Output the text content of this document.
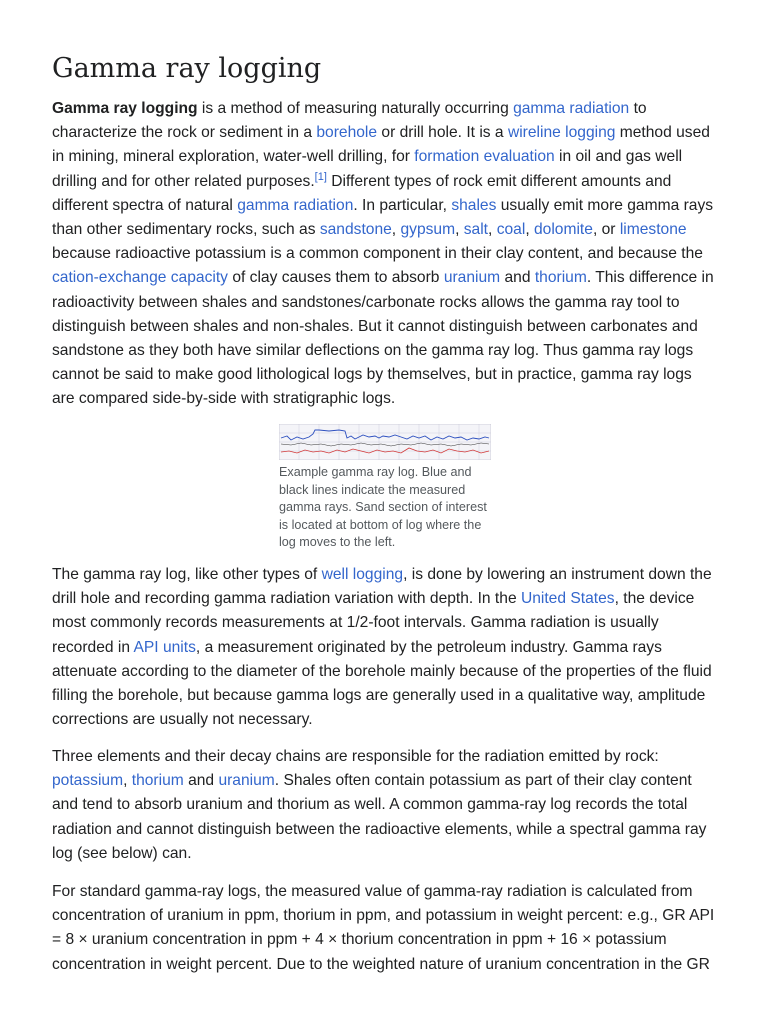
Gamma ray logging

Gamma ray logging is a method of measuring naturally occurring gamma radiation to characterize the rock or sediment in a borehole or drill hole. It is a wireline logging method used in mining, mineral exploration, water-well drilling, for formation evaluation in oil and gas well drilling and for other related purposes.[1] Different types of rock emit different amounts and different spectra of natural gamma radiation. In particular, shales usually emit more gamma rays than other sedimentary rocks, such as sandstone, gypsum, salt, coal, dolomite, or limestone because radioactive potassium is a common component in their clay content, and because the cation-exchange capacity of clay causes them to absorb uranium and thorium. This difference in radioactivity between shales and sandstones/carbonate rocks allows the gamma ray tool to distinguish between shales and non-shales. But it cannot distinguish between carbonates and sandstone as they both have similar deflections on the gamma ray log. Thus gamma ray logs cannot be said to make good lithological logs by themselves, but in practice, gamma ray logs are compared side-by-side with stratigraphic logs.

Example gamma ray log. Blue and black lines indicate the measured gamma rays. Sand section of interest is located at bottom of log where the log moves to the left.

The gamma ray log, like other types of well logging, is done by lowering an instrument down the drill hole and recording gamma radiation variation with depth. In the United States, the device most commonly records measurements at 1/2-foot intervals. Gamma radiation is usually recorded in API units, a measurement originated by the petroleum industry. Gamma rays attenuate according to the diameter of the borehole mainly because of the properties of the fluid filling the borehole, but because gamma logs are generally used in a qualitative way, amplitude corrections are usually not necessary.

Three elements and their decay chains are responsible for the radiation emitted by rock: potassium, thorium and uranium. Shales often contain potassium as part of their clay content and tend to absorb uranium and thorium as well. A common gamma-ray log records the total radiation and cannot distinguish between the radioactive elements, while a spectral gamma ray log (see below) can.

For standard gamma-ray logs, the measured value of gamma-ray radiation is calculated from concentration of uranium in ppm, thorium in ppm, and potassium in weight percent: e.g., GR API = 8 × uranium concentration in ppm + 4 × thorium concentration in ppm + 16 × potassium concentration in weight percent. Due to the weighted nature of uranium concentration in the GR
